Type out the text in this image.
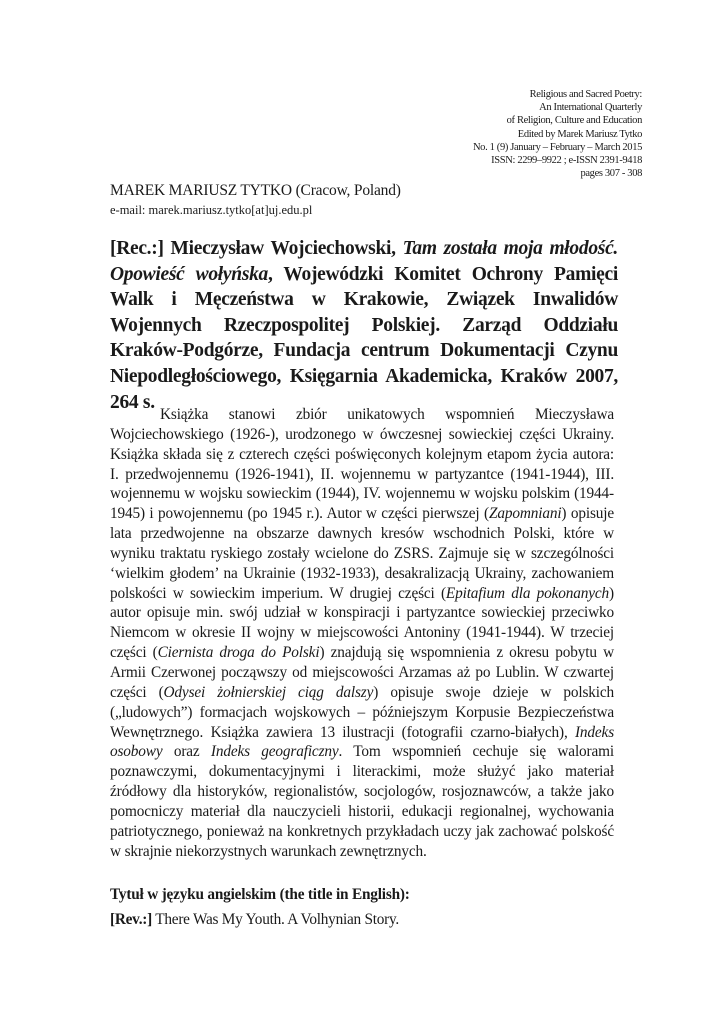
Religious and Sacred Poetry:
An International Quarterly
of Religion, Culture and Education
Edited by Marek Mariusz Tytko
No. 1 (9) January – February – March 2015
ISSN: 2299–9922 ; e-ISSN 2391-9418
pages 307 - 308
MAREK MARIUSZ TYTKO (Cracow, Poland)
e-mail: marek.mariusz.tytko[at]uj.edu.pl
[Rec.:] Mieczysław Wojciechowski, Tam została moja młodość. Opowieść wołyńska, Wojewódzki Komitet Ochrony Pamięci Walk i Męczeństwa w Krakowie, Związek Inwalidów Wojennych Rzeczpospolitej Polskiej. Zarząd Oddziału Kraków-Podgórze, Fundacja centrum Dokumentacji Czynu Niepodległościowego, Księgarnia Akademicka, Kraków 2007, 264 s.

Książka stanowi zbiór unikatowych wspomnień Mieczysława Wojciechowskiego (1926-), urodzonego w ówczesnej sowieckiej części Ukrainy. Książka składa się z czterech części poświęconych kolejnym etapom życia autora: I. przedwojennemu (1926-1941), II. wojennemu w partyzantce (1941-1944), III. wojennemu w wojsku sowieckim (1944), IV. wojennemu w wojsku polskim (1944-1945) i powojennemu (po 1945 r.). Autor w części pierwszej (Zapomniani) opisuje lata przedwojenne na obszarze dawnych kresów wschodnich Polski, które w wyniku traktatu ryskiego zostały wcielone do ZSRS. Zajmuje się w szczególności ‘wielkim głodem’ na Ukrainie (1932-1933), desakralizacją Ukrainy, zachowaniem polskości w sowieckim imperium. W drugiej części (Epitafium dla pokonanych) autor opisuje min. swój udział w konspiracji i partyzantce sowieckiej przeciwko Niemcom w okresie II wojny w miejscowości Antoniny (1941-1944). W trzeciej części (Ciernista droga do Polski) znajdują się wspomnienia z okresu pobytu w Armii Czerwonej począwszy od miejscowości Arzamas aż po Lublin. W czwartej części (Odysei żołnierskiej ciąg dalszy) opisuje swoje dzieje w polskich („ludowych”) formacjach wojskowych – późniejszym Korpusie Bezpieczeństwa Wewnętrznego. Książka zawiera 13 ilustracji (fotografii czarno-białych), Indeks osobowy oraz Indeks geograficzny. Tom wspomnień cechuje się walorami poznawczymi, dokumentacyjnymi i literackimi, może służyć jako materiał źródłowy dla historyków, regionalistów, socjologów, rosjoznawców, a także jako pomocniczy materiał dla nauczycieli historii, edukacji regionalnej, wychowania patriotycznego, ponieważ na konkretnych przykładach uczy jak zachować polskość w skrajnie niekorzystnych warunkach zewnętrznych.

Tytuł w języku angielskim (the title in English):
[Rev.:] There Was My Youth. A Volhynian Story.
